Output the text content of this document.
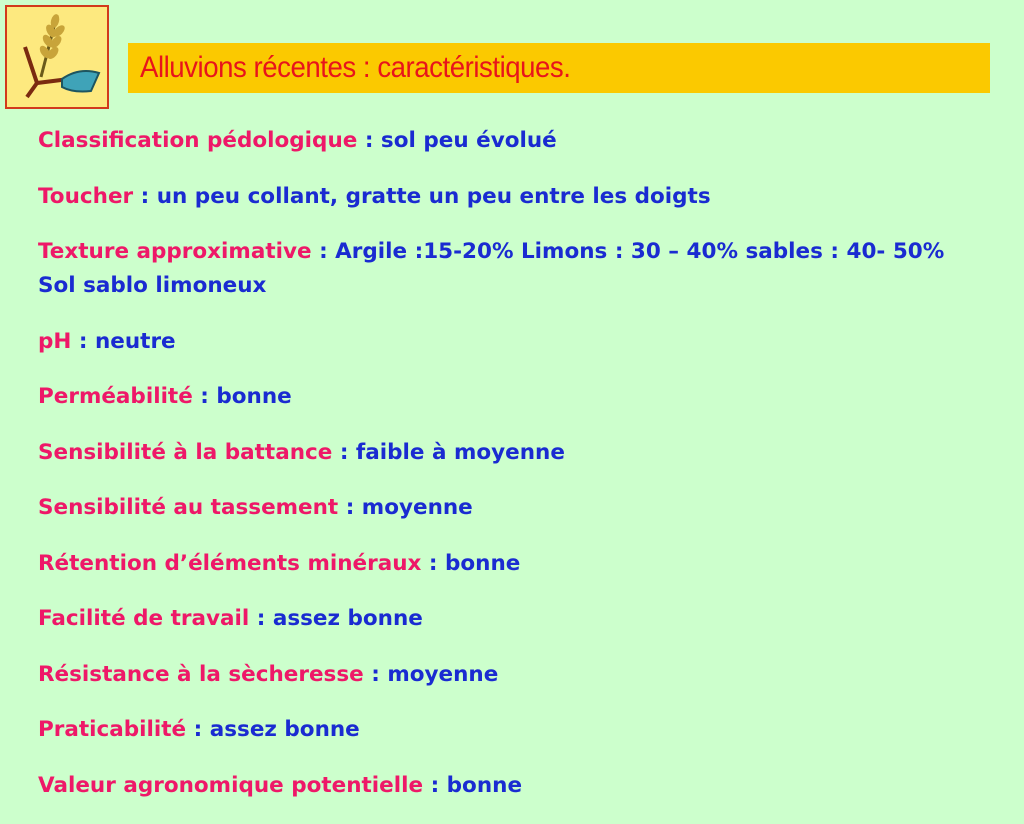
Alluvions récentes : caractéristiques.
Classification pédologique : sol peu évolué
Toucher : un peu collant, gratte un peu entre les doigts
Texture approximative : Argile :15-20% Limons : 30 – 40% sables : 40- 50%       Sol sablo limoneux
pH : neutre
Perméabilité : bonne
Sensibilité à la battance : faible à moyenne
Sensibilité au tassement : moyenne
Rétention d’éléments minéraux : bonne
Facilité de travail : assez bonne
Résistance à la sècheresse : moyenne
Praticabilité : assez bonne
Valeur agronomique potentielle : bonne
